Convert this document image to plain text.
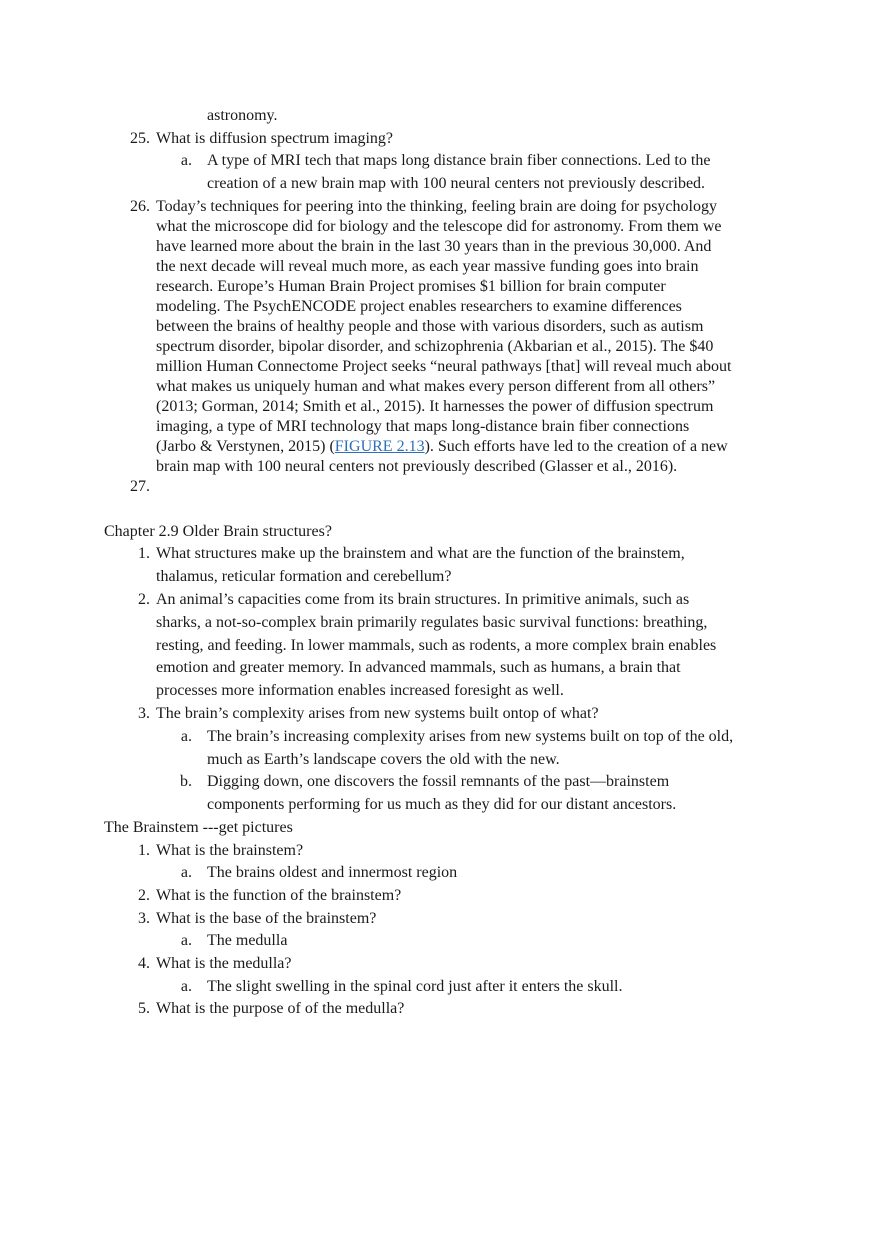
astronomy.
25. What is diffusion spectrum imaging?
a. A type of MRI tech that maps long distance brain fiber connections. Led to the
creation of a new brain map with 100 neural centers not previously described.
26. Today’s techniques for peering into the thinking, feeling brain are doing for psychology
what the microscope did for biology and the telescope did for astronomy. From them we
have learned more about the brain in the last 30 years than in the previous 30,000. And
the next decade will reveal much more, as each year massive funding goes into brain
research. Europe’s Human Brain Project promises $1 billion for brain computer
modeling. The PsychENCODE project enables researchers to examine differences
between the brains of healthy people and those with various disorders, such as autism
spectrum disorder, bipolar disorder, and schizophrenia (Akbarian et al., 2015). The $40
million Human Connectome Project seeks “neural pathways [that] will reveal much about
what makes us uniquely human and what makes every person different from all others”
(2013; Gorman, 2014; Smith et al., 2015). It harnesses the power of diffusion spectrum
imaging, a type of MRI technology that maps long-distance brain fiber connections
(Jarbo & Verstynen, 2015) (FIGURE 2.13). Such efforts have led to the creation of a new
brain map with 100 neural centers not previously described (Glasser et al., 2016).
27.
Chapter 2.9 Older Brain structures?
1. What structures make up the brainstem and what are the function of the brainstem,
thalamus, reticular formation and cerebellum?
2. An animal’s capacities come from its brain structures. In primitive animals, such as
sharks, a not-so-complex brain primarily regulates basic survival functions: breathing,
resting, and feeding. In lower mammals, such as rodents, a more complex brain enables
emotion and greater memory. In advanced mammals, such as humans, a brain that
processes more information enables increased foresight as well.
3. The brain’s complexity arises from new systems built ontop of what?
a. The brain’s increasing complexity arises from new systems built on top of the old,
much as Earth’s landscape covers the old with the new.
b. Digging down, one discovers the fossil remnants of the past—brainstem
components performing for us much as they did for our distant ancestors.
The Brainstem ---get pictures
1. What is the brainstem?
a. The brains oldest and innermost region
2. What is the function of the brainstem?
3. What is the base of the brainstem?
a. The medulla
4. What is the medulla?
a. The slight swelling in the spinal cord just after it enters the skull.
5. What is the purpose of of the medulla?
